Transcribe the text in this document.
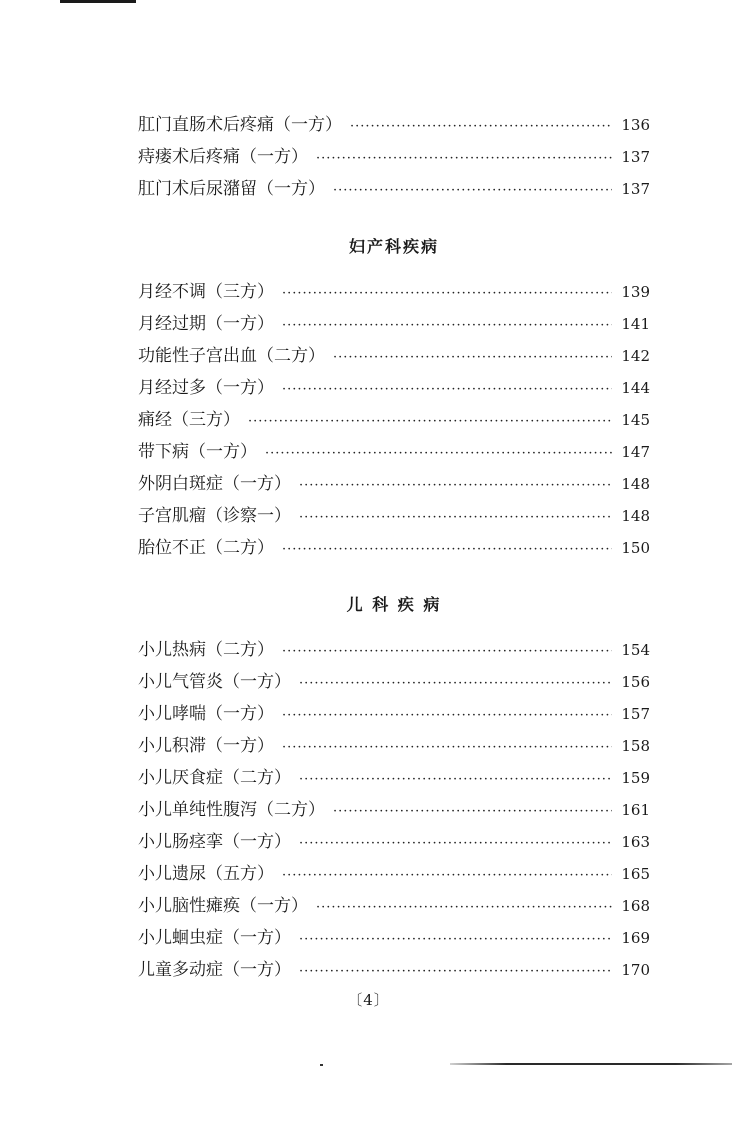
肛门直肠术后疼痛（一方） ·····	136
痔瘘术后疼痛（一方） ·····	137
肛门术后尿潴留（一方） ·····	137
妇产科疾病
月经不调（三方） ·····	139
月经过期（一方） ·····	141
功能性子宫出血（二方） ·····	142
月经过多（一方） ·····	144
痛经（三方） ·····	145
带下病（一方） ·····	147
外阴白斑症（一方） ·····	148
子宫肌瘤（诊察一） ·····	148
胎位不正（二方） ·····	150
儿 科 疾 病
小儿热病（二方） ·····	154
小儿气管炎（一方） ·····	156
小儿哮喘（一方） ·····	157
小儿积滞（一方） ·····	158
小儿厌食症（二方） ·····	159
小儿单纯性腹泻（二方） ·····	161
小儿肠痉挛（一方） ·····	163
小儿遗尿（五方） ·····	165
小儿脑性瘫痪（一方） ·····	168
小儿蛔虫症（一方） ·····	169
儿童多动症（一方） ·····	170
〔4〕
